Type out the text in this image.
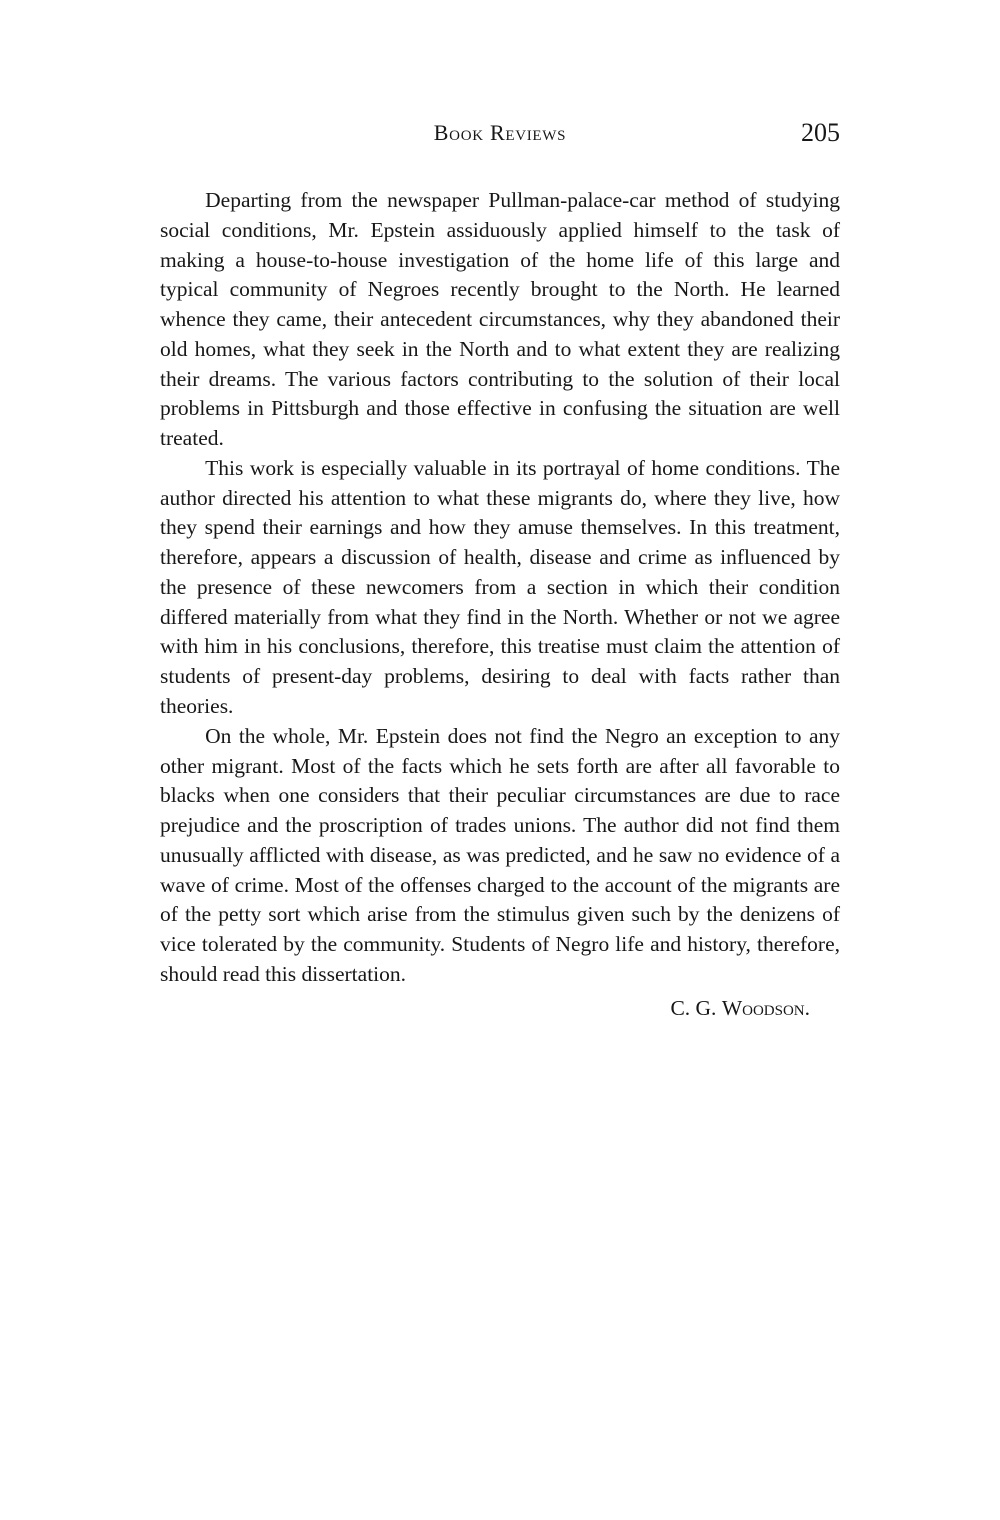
Book Reviews	205

Departing from the newspaper Pullman-palace-car method of studying social conditions, Mr. Epstein assiduously applied himself to the task of making a house-to-house investigation of the home life of this large and typical community of Negroes recently brought to the North. He learned whence they came, their antecedent circumstances, why they abandoned their old homes, what they seek in the North and to what extent they are realizing their dreams. The various factors contributing to the solution of their local problems in Pittsburgh and those effective in confusing the situation are well treated.

This work is especially valuable in its portrayal of home conditions. The author directed his attention to what these migrants do, where they live, how they spend their earnings and how they amuse themselves. In this treatment, therefore, appears a discussion of health, disease and crime as influenced by the presence of these newcomers from a section in which their condition differed materially from what they find in the North. Whether or not we agree with him in his conclusions, therefore, this treatise must claim the attention of students of present-day problems, desiring to deal with facts rather than theories.

On the whole, Mr. Epstein does not find the Negro an exception to any other migrant. Most of the facts which he sets forth are after all favorable to blacks when one considers that their peculiar circumstances are due to race prejudice and the proscription of trades unions. The author did not find them unusually afflicted with disease, as was predicted, and he saw no evidence of a wave of crime. Most of the offenses charged to the account of the migrants are of the petty sort which arise from the stimulus given such by the denizens of vice tolerated by the community. Students of Negro life and history, therefore, should read this dissertation.

C. G. Woodson.
